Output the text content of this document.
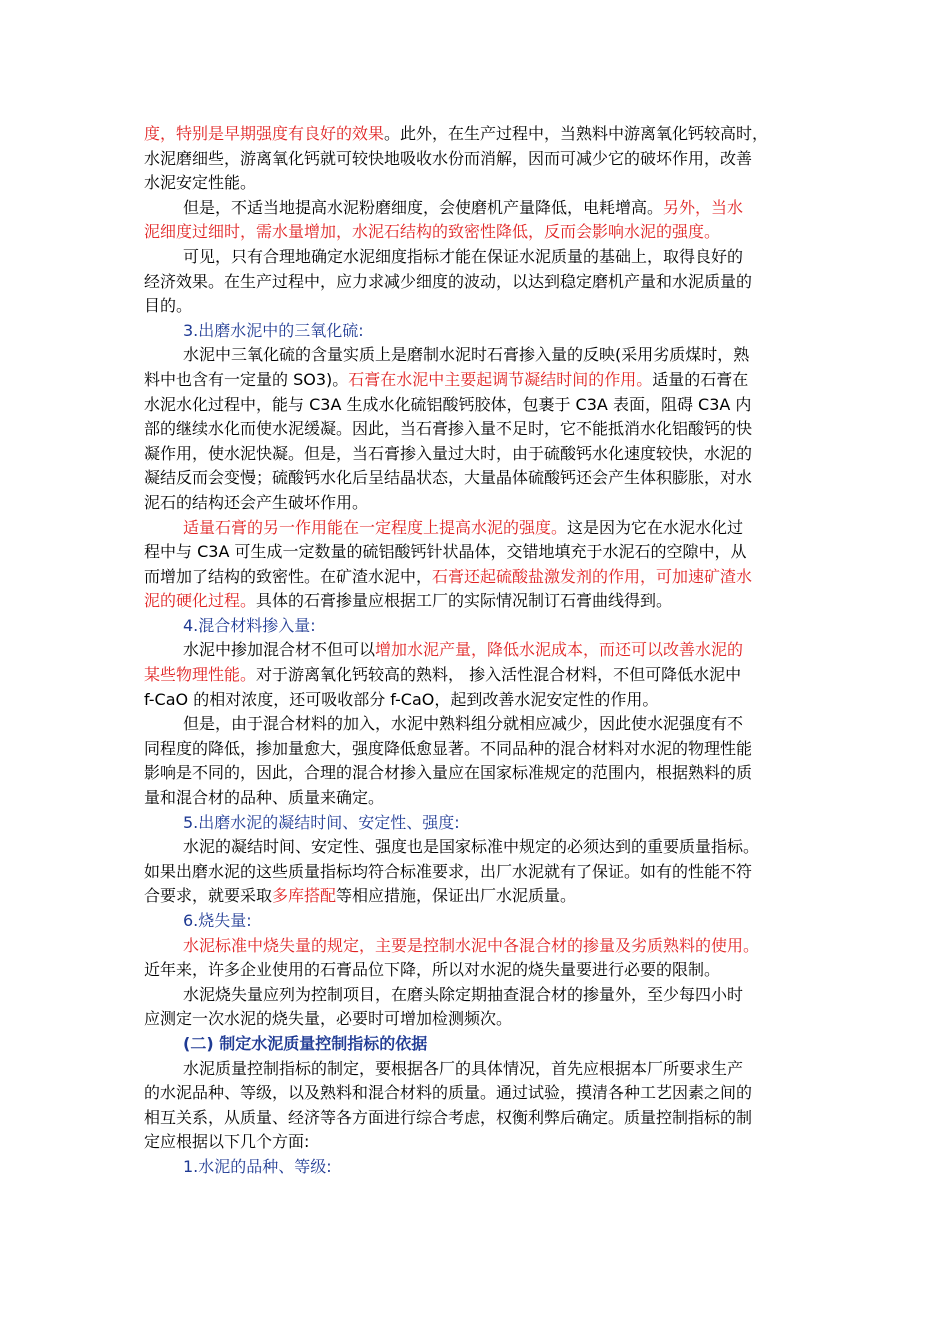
度，特别是早期强度有良好的效果。此外，在生产过程中，当熟料中游离氧化钙较高时，
水泥磨细些，游离氧化钙就可较快地吸收水份而消解，因而可减少它的破坏作用，改善
水泥安定性能。
但是，不适当地提高水泥粉磨细度，会使磨机产量降低，电耗增高。另外，当水
泥细度过细时，需水量增加，水泥石结构的致密性降低，反而会影响水泥的强度。
可见，只有合理地确定水泥细度指标才能在保证水泥质量的基础上，取得良好的
经济效果。在生产过程中，应力求减少细度的波动，以达到稳定磨机产量和水泥质量的
目的。
3.出磨水泥中的三氧化硫:
水泥中三氧化硫的含量实质上是磨制水泥时石膏掺入量的反映(采用劣质煤时，熟
料中也含有一定量的 SO3)。石膏在水泥中主要起调节凝结时间的作用。适量的石膏在
水泥水化过程中，能与 C3A 生成水化硫铝酸钙胶体，包裹于 C3A 表面，阻碍 C3A 内
部的继续水化而使水泥缓凝。因此，当石膏掺入量不足时，它不能抵消水化铝酸钙的快
凝作用，使水泥快凝。但是，当石膏掺入量过大时，由于硫酸钙水化速度较快，水泥的
凝结反而会变慢；硫酸钙水化后呈结晶状态，大量晶体硫酸钙还会产生体积膨胀，对水
泥石的结构还会产生破坏作用。
适量石膏的另一作用能在一定程度上提高水泥的强度。这是因为它在水泥水化过
程中与 C3A 可生成一定数量的硫铝酸钙针状晶体，交错地填充于水泥石的空隙中，从
而增加了结构的致密性。在矿渣水泥中，石膏还起硫酸盐激发剂的作用，可加速矿渣水
泥的硬化过程。具体的石膏掺量应根据工厂的实际情况制订石膏曲线得到。
4.混合材料掺入量:
水泥中掺加混合材不但可以增加水泥产量，降低水泥成本，而还可以改善水泥的
某些物理性能。对于游离氧化钙较高的熟料， 掺入活性混合材料，不但可降低水泥中
f-CaO 的相对浓度，还可吸收部分 f-CaO，起到改善水泥安定性的作用。
但是，由于混合材料的加入，水泥中熟料组分就相应减少，因此使水泥强度有不
同程度的降低，掺加量愈大，强度降低愈显著。不同品种的混合材料对水泥的物理性能
影响是不同的，因此，合理的混合材掺入量应在国家标准规定的范围内，根据熟料的质
量和混合材的品种、质量来确定。
5.出磨水泥的凝结时间、安定性、强度:
水泥的凝结时间、安定性、强度也是国家标准中规定的必须达到的重要质量指标。
如果出磨水泥的这些质量指标均符合标准要求，出厂水泥就有了保证。如有的性能不符
合要求，就要采取多库搭配等相应措施，保证出厂水泥质量。
6.烧失量:
水泥标准中烧失量的规定，主要是控制水泥中各混合材的掺量及劣质熟料的使用。
近年来，许多企业使用的石膏品位下降，所以对水泥的烧失量要进行必要的限制。
水泥烧失量应列为控制项目，在磨头除定期抽查混合材的掺量外，至少每四小时
应测定一次水泥的烧失量，必要时可增加检测频次。
(二) 制定水泥质量控制指标的依据
水泥质量控制指标的制定，要根据各厂的具体情况，首先应根据本厂所要求生产
的水泥品种、等级，以及熟料和混合材料的质量。通过试验，摸清各种工艺因素之间的
相互关系，从质量、经济等各方面进行综合考虑，权衡利弊后确定。质量控制指标的制
定应根据以下几个方面:
1.水泥的品种、等级:
